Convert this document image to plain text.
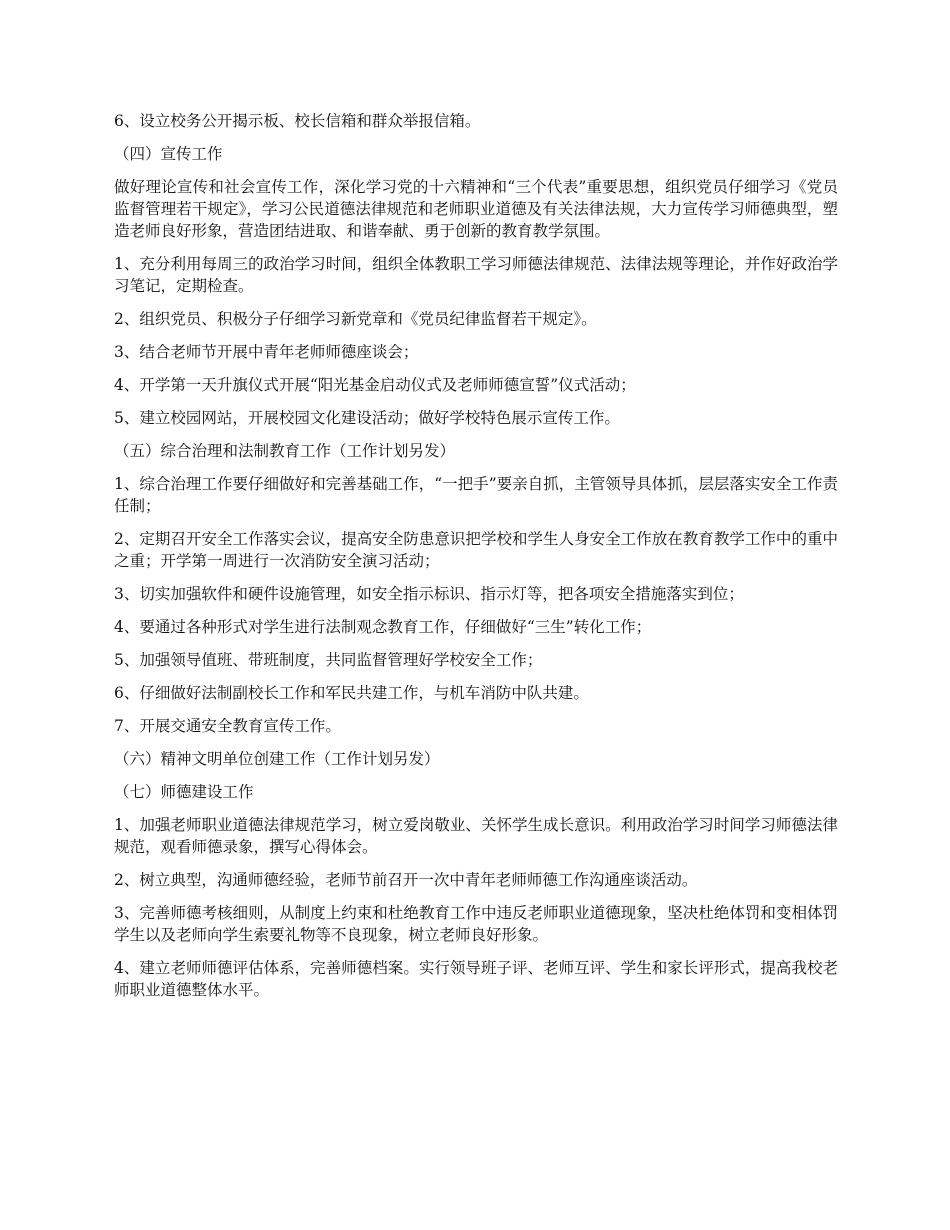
6、设立校务公开揭示板、校长信箱和群众举报信箱。

（四）宣传工作

做好理论宣传和社会宣传工作，深化学习党的十六精神和“三个代表”重要思想，组织党员仔细学习《党员监督管理若干规定》，学习公民道德法律规范和老师职业道德及有关法律法规，大力宣传学习师德典型，塑造老师良好形象，营造团结进取、和谐奉献、勇于创新的教育教学氛围。

1、充分利用每周三的政治学习时间，组织全体教职工学习师德法律规范、法律法规等理论，并作好政治学习笔记，定期检查。

2、组织党员、积极分子仔细学习新党章和《党员纪律监督若干规定》。

3、结合老师节开展中青年老师师德座谈会；

4、开学第一天升旗仪式开展“阳光基金启动仪式及老师师德宣誓”仪式活动；

5、建立校园网站，开展校园文化建设活动；做好学校特色展示宣传工作。

（五）综合治理和法制教育工作（工作计划另发）

1、综合治理工作要仔细做好和完善基础工作，“一把手”要亲自抓，主管领导具体抓，层层落实安全工作责任制；

2、定期召开安全工作落实会议，提高安全防患意识把学校和学生人身安全工作放在教育教学工作中的重中之重；开学第一周进行一次消防安全演习活动；

3、切实加强软件和硬件设施管理，如安全指示标识、指示灯等，把各项安全措施落实到位；

4、要通过各种形式对学生进行法制观念教育工作，仔细做好“三生”转化工作；

5、加强领导值班、带班制度，共同监督管理好学校安全工作；

6、仔细做好法制副校长工作和军民共建工作，与机车消防中队共建。

7、开展交通安全教育宣传工作。

（六）精神文明单位创建工作（工作计划另发）

（七）师德建设工作

1、加强老师职业道德法律规范学习，树立爱岗敬业、关怀学生成长意识。利用政治学习时间学习师德法律规范，观看师德录象，撰写心得体会。

2、树立典型，沟通师德经验，老师节前召开一次中青年老师师德工作沟通座谈活动。

3、完善师德考核细则，从制度上约束和杜绝教育工作中违反老师职业道德现象，坚决杜绝体罚和变相体罚学生以及老师向学生索要礼物等不良现象，树立老师良好形象。

4、建立老师师德评估体系，完善师德档案。实行领导班子评、老师互评、学生和家长评形式，提高我校老师职业道德整体水平。
